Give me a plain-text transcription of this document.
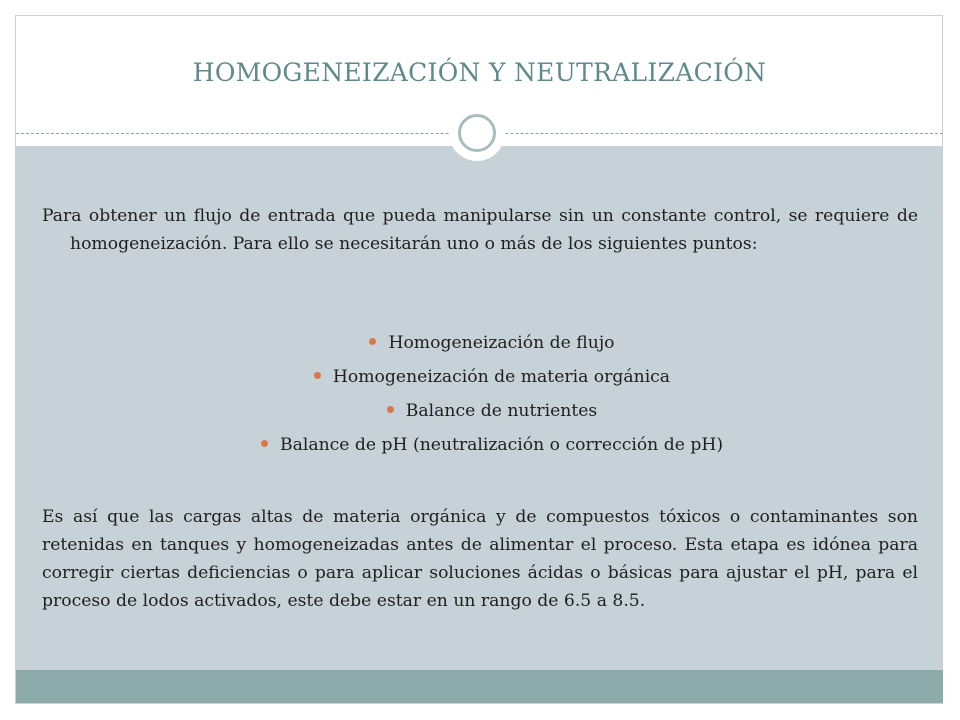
HOMOGENEIZACIÓN Y NEUTRALIZACIÓN

Para obtener un flujo de entrada que pueda manipularse sin un constante control, se requiere de homogeneización. Para ello se necesitarán uno o más de los siguientes puntos:

Homogeneización de flujo
Homogeneización de materia orgánica
Balance de nutrientes
Balance de pH (neutralización o corrección de pH)

Es así que las cargas altas de materia orgánica y de compuestos tóxicos o contaminantes son retenidas en tanques y homogeneizadas antes de alimentar el proceso. Esta etapa es idónea para corregir ciertas deficiencias o para aplicar soluciones ácidas o básicas para ajustar el pH, para el proceso de lodos activados, este debe estar en un rango de 6.5 a 8.5.
